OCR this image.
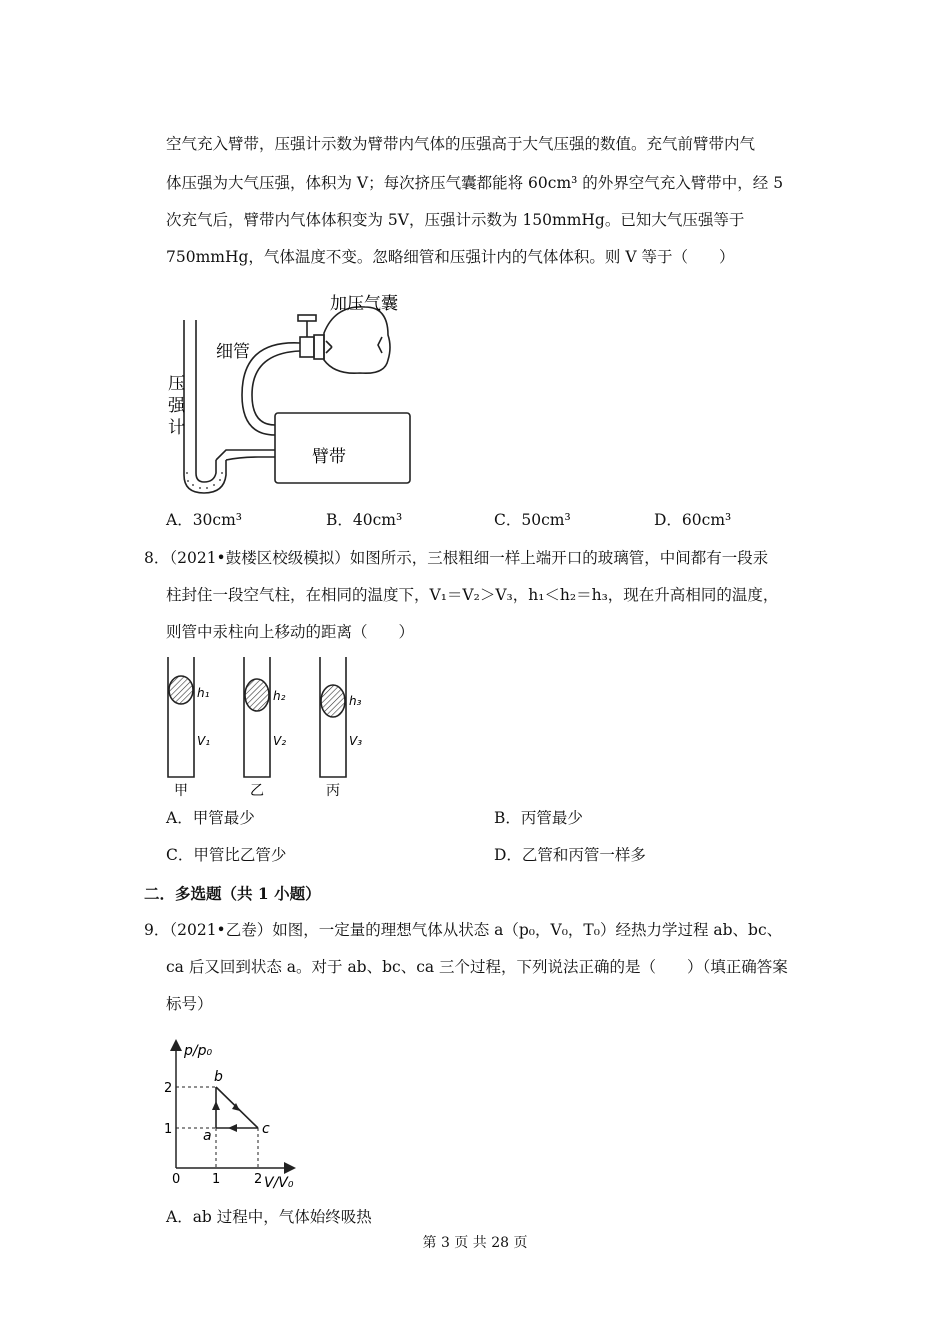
空气充入臂带，压强计示数为臂带内气体的压强高于大气压强的数值。充气前臂带内气
体压强为大气压强，体积为 V；每次挤压气囊都能将 60cm³ 的外界空气充入臂带中，经 5
次充气后，臂带内气体体积变为 5V，压强计示数为 150mmHg。已知大气压强等于
750mmHg，气体温度不变。忽略细管和压强计内的气体体积。则 V 等于（　　）
加压气囊
细管
压
强
计
臂带
A．30cm³	B．40cm³	C．50cm³	D．60cm³
8．（2021•鼓楼区校级模拟）如图所示，三根粗细一样上端开口的玻璃管，中间都有一段汞
柱封住一段空气柱，在相同的温度下，V₁＝V₂＞V₃，h₁＜h₂＝h₃，现在升高相同的温度，
则管中汞柱向上移动的距离（　　）
h₁
V₁
h₂
V₂
h₃
V₃
甲	乙	丙
A．甲管最少	B．丙管最少
C．甲管比乙管少	D．乙管和丙管一样多
二．多选题（共 1 小题）
9．（2021•乙卷）如图，一定量的理想气体从状态 a（p₀，V₀，T₀）经热力学过程 ab、bc、
ca 后又回到状态 a。对于 ab、bc、ca 三个过程，下列说法正确的是（　　）（填正确答案
标号）
p/p₀
V/V₀
0
1
2
1	2
a
b
c
A．ab 过程中，气体始终吸热
第 3 页 共 28 页
